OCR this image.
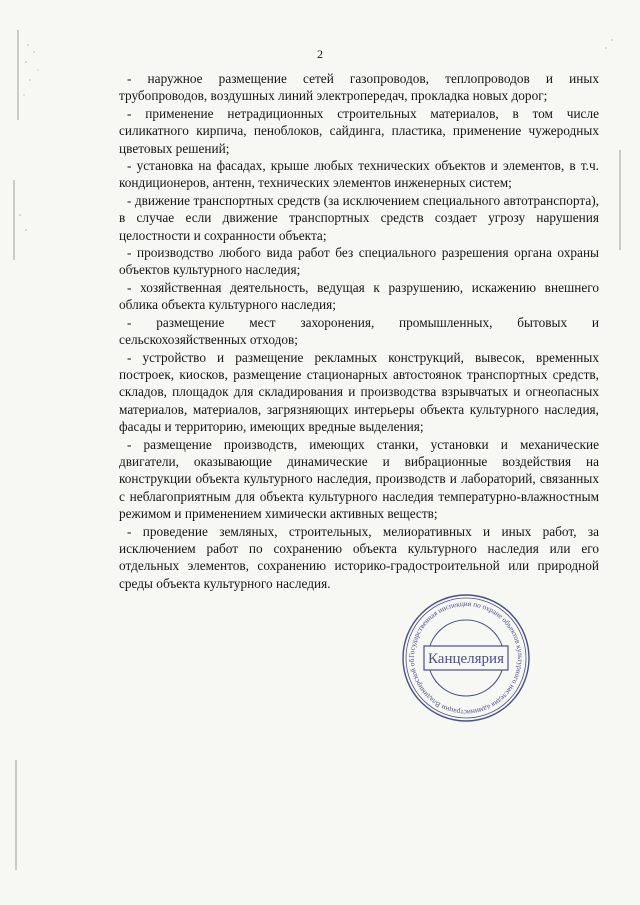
2

- наружное размещение сетей газопроводов, теплопроводов и иных трубопроводов, воздушных линий электропередач, прокладка новых дорог;

- применение нетрадиционных строительных материалов, в том числе силикатного кирпича, пеноблоков, сайдинга, пластика, применение чужеродных цветовых решений;

- установка на фасадах, крыше любых технических объектов и элементов, в т.ч. кондиционеров, антенн, технических элементов инженерных систем;

- движение транспортных средств (за исключением специального автотранспорта), в случае если движение транспортных средств создает угрозу нарушения целостности и сохранности объекта;

- производство любого вида работ без специального разрешения органа охраны объектов культурного наследия;

- хозяйственная деятельность, ведущая к разрушению, искажению внешнего облика объекта культурного наследия;

- размещение мест захоронения, промышленных, бытовых и сельскохозяйственных отходов;

- устройство и размещение рекламных конструкций, вывесок, временных построек, киосков, размещение стационарных автостоянок транспортных средств, складов, площадок для складирования и производства взрывчатых и огнеопасных материалов, материалов, загрязняющих интерьеры объекта культурного наследия, фасады и территорию, имеющих вредные выделения;

- размещение производств, имеющих станки, установки и механические двигатели, оказывающие динамические и вибрационные воздействия на конструкции объекта культурного наследия, производств и лабораторий, связанных с неблагоприятным для объекта культурного наследия температурно-влажностным режимом и применением химически активных веществ;

- проведение земляных, строительных, мелиоративных и иных работ, за исключением работ по сохранению объекта культурного наследия или его отдельных элементов, сохранению историко-градостроительной или природной среды объекта культурного наследия.

Государственная инспекция по охране объектов культурного наследия администрации Владимирской об Канцелярия
